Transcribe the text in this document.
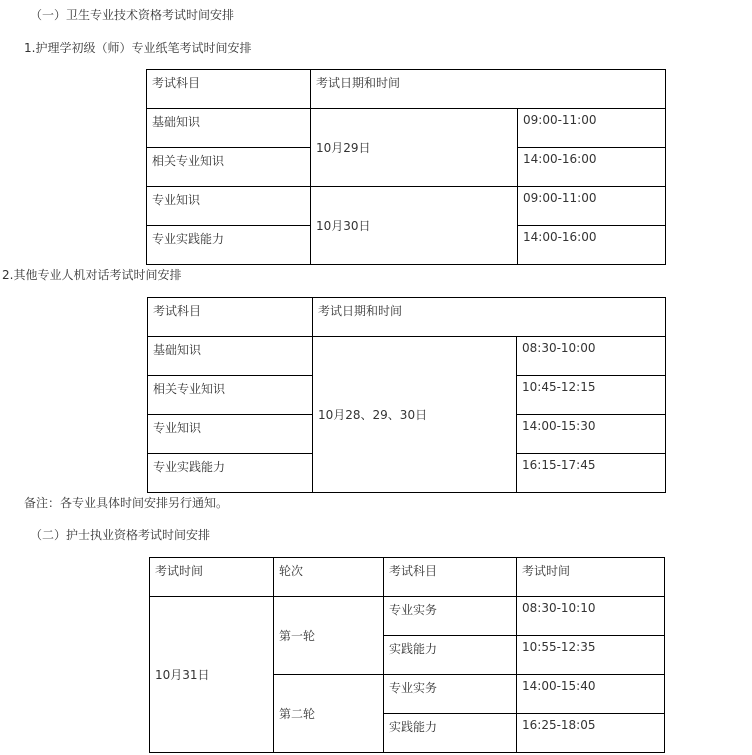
（一）卫生专业技术资格考试时间安排
1.护理学初级（师）专业纸笔考试时间安排
考试科目	考试日期和时间	
基础知识	10月29日	09:00-11:00
相关专业知识		14:00-16:00
专业知识	10月30日	09:00-11:00
专业实践能力		14:00-16:00
2.其他专业人机对话考试时间安排
考试科目	考试日期和时间	
基础知识	10月28、29、30日	08:30-10:00
相关专业知识		10:45-12:15
专业知识		14:00-15:30
专业实践能力		16:15-17:45
备注：各专业具体时间安排另行通知。
（二）护士执业资格考试时间安排
考试时间	轮次	考试科目	考试时间
10月31日	第一轮	专业实务	08:30-10:10
		实践能力	10:55-12:35
	第二轮	专业实务	14:00-15:40
		实践能力	16:25-18:05
